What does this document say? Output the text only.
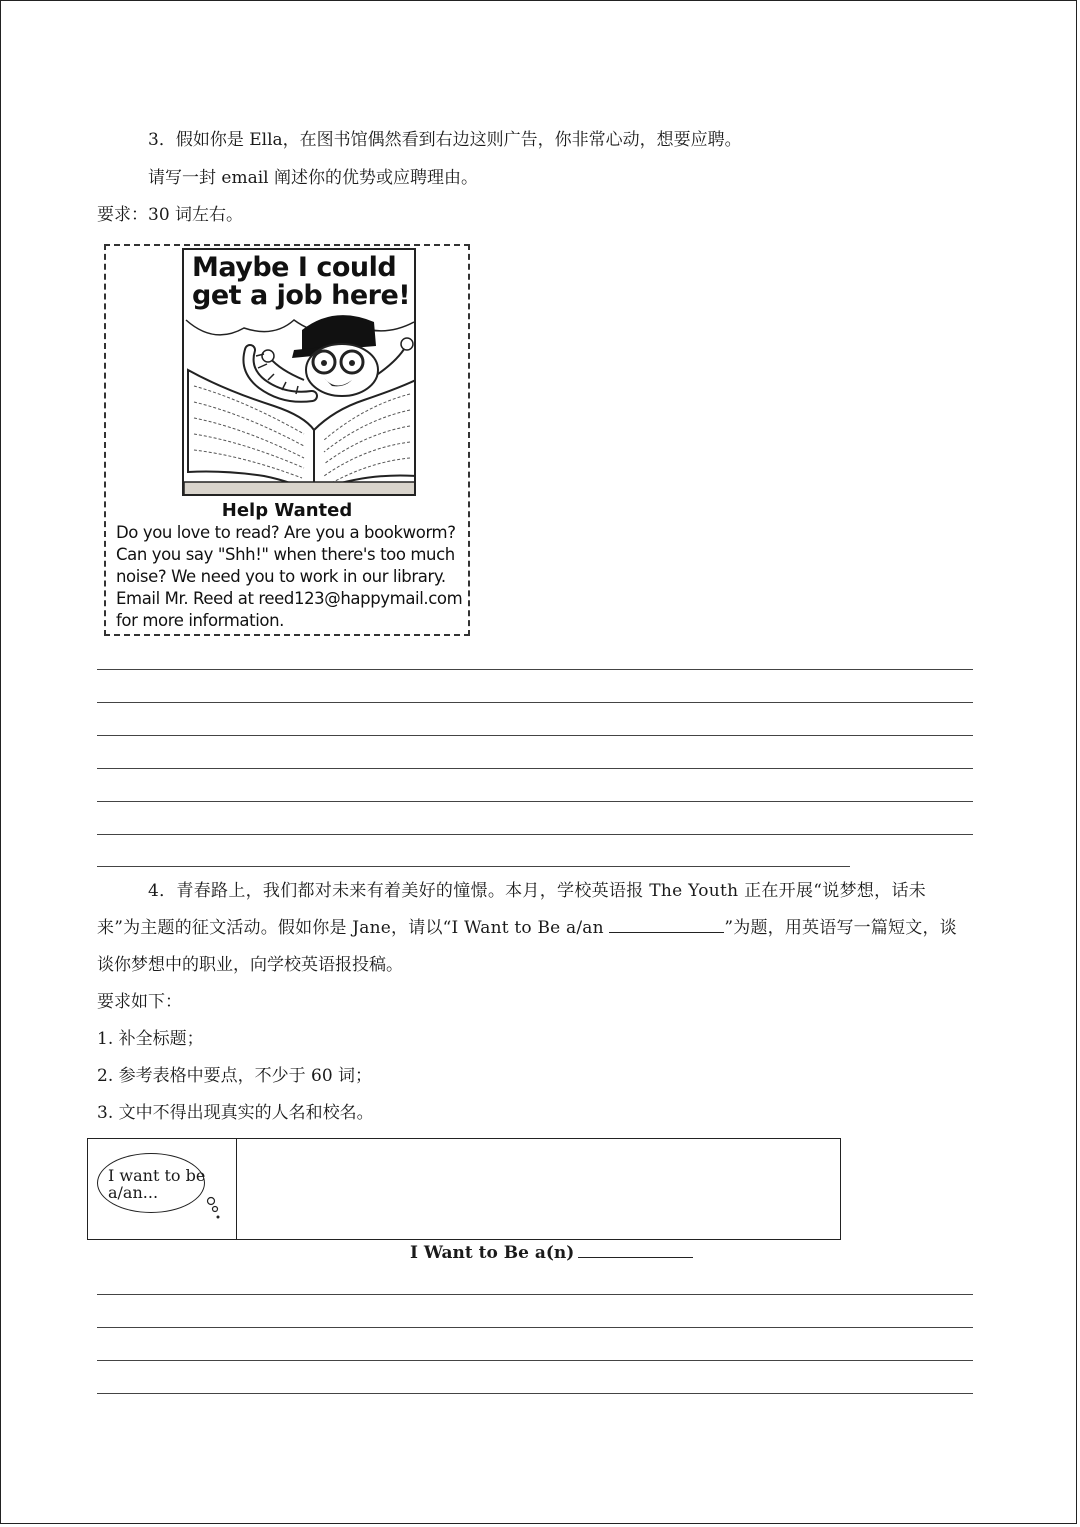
3．假如你是 Ella，在图书馆偶然看到右边这则广告，你非常心动，想要应聘。
请写一封 email 阐述你的优势或应聘理由。
要求：30 词左右。
Maybe I could
get a job here!
Help Wanted
Do you love to read? Are you a bookworm?
Can you say "Shh!" when there's too much
noise? We need you to work in our library.
Email Mr. Reed at reed123@happymail.com
for more information.
4．青春路上，我们都对未来有着美好的憧憬。本月，学校英语报 The Youth 正在开展“说梦想，话未
来”为主题的征文活动。假如你是 Jane，请以“I Want to Be a/an	”为题，用英语写一篇短文，谈
谈你梦想中的职业，向学校英语报投稿。
要求如下：
1. 补全标题；
2. 参考表格中要点，不少于 60 词；
3. 文中不得出现真实的人名和校名。
I want to be
a/an...
I Want to Be a(n)
